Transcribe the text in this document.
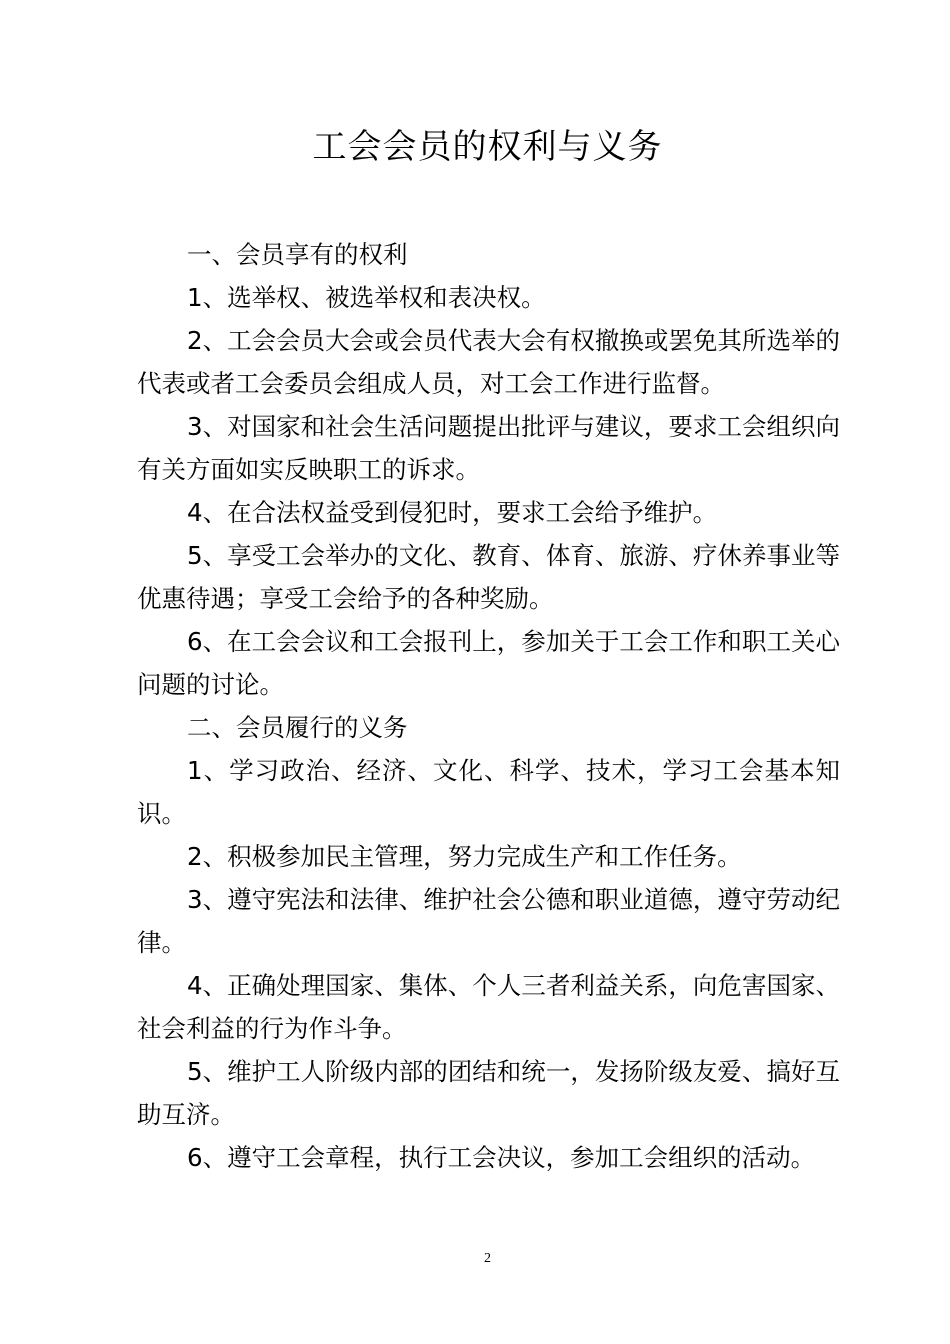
工会会员的权利与义务

一、会员享有的权利

1、选举权、被选举权和表决权。

2、工会会员大会或会员代表大会有权撤换或罢免其所选举的代表或者工会委员会组成人员，对工会工作进行监督。

3、对国家和社会生活问题提出批评与建议，要求工会组织向有关方面如实反映职工的诉求。

4、在合法权益受到侵犯时，要求工会给予维护。

5、享受工会举办的文化、教育、体育、旅游、疗休养事业等优惠待遇；享受工会给予的各种奖励。

6、在工会会议和工会报刊上，参加关于工会工作和职工关心问题的讨论。

二、会员履行的义务

1、学习政治、经济、文化、科学、技术，学习工会基本知识。

2、积极参加民主管理，努力完成生产和工作任务。

3、遵守宪法和法律、维护社会公德和职业道德，遵守劳动纪律。

4、正确处理国家、集体、个人三者利益关系，向危害国家、社会利益的行为作斗争。

5、维护工人阶级内部的团结和统一，发扬阶级友爱、搞好互助互济。

6、遵守工会章程，执行工会决议，参加工会组织的活动。

2
